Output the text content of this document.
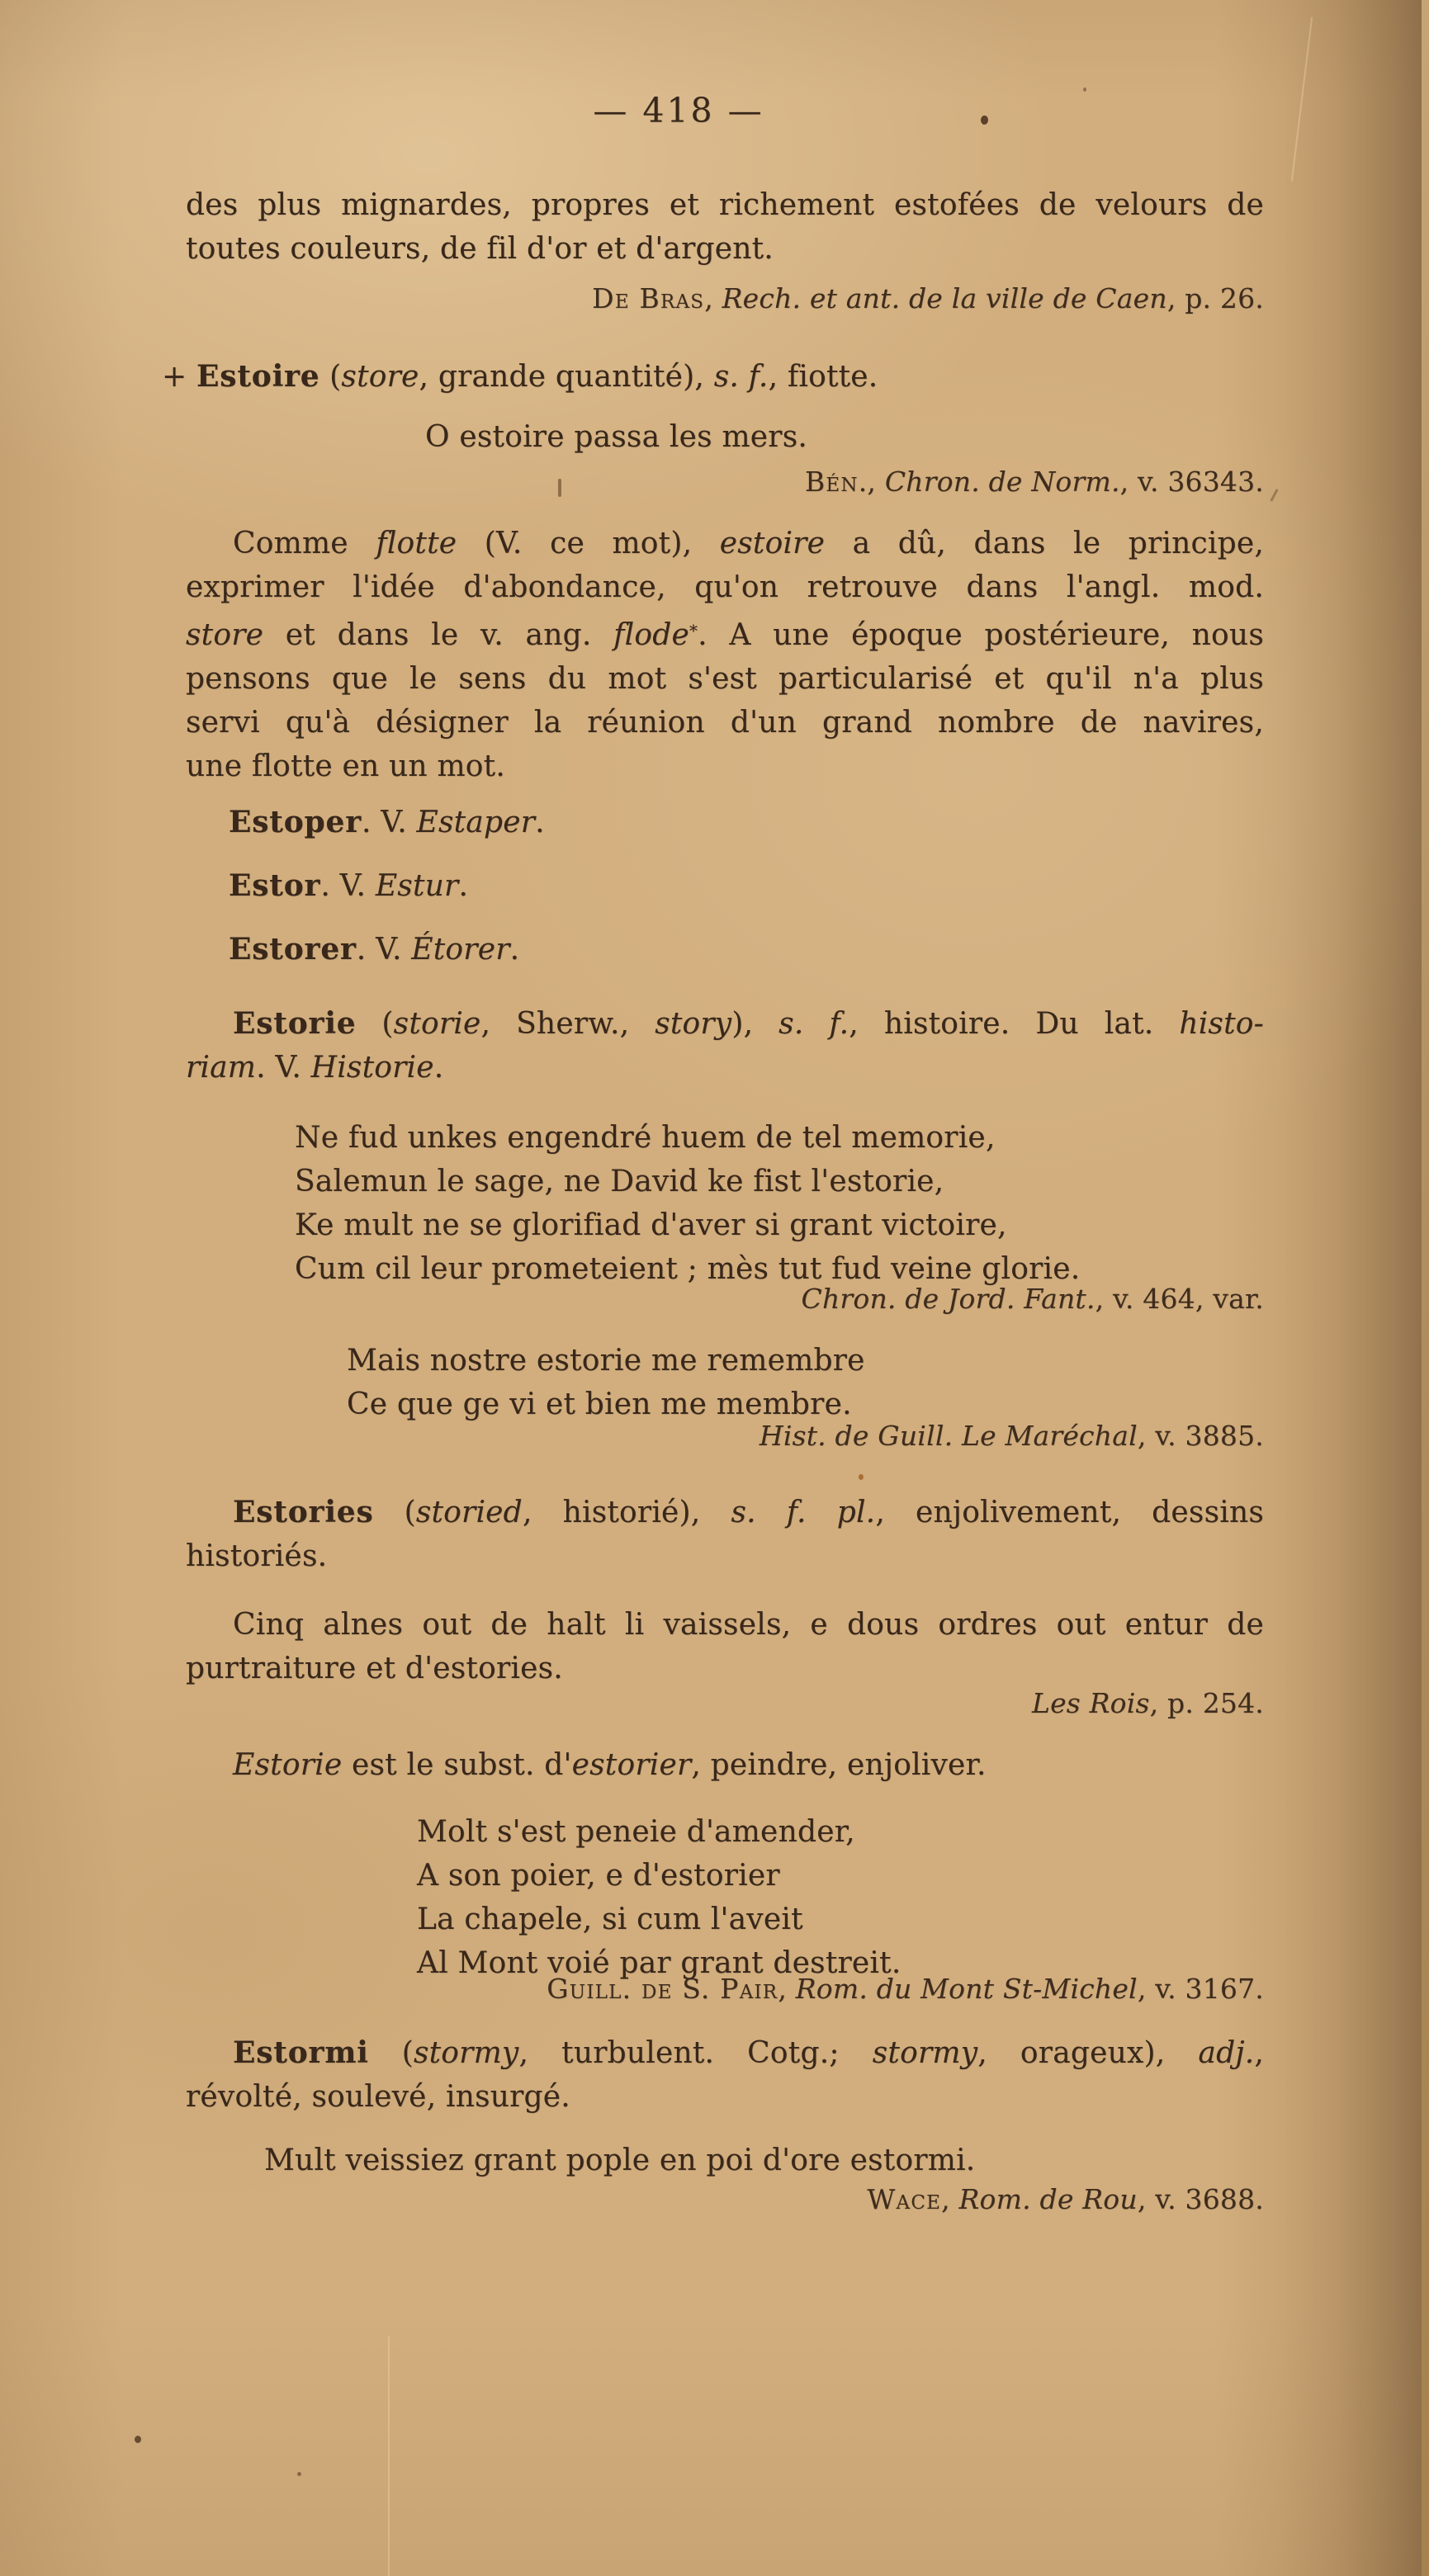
— 418 —
des plus mignardes, propres et richement estofées de velours de
toutes couleurs, de fil d'or et d'argent.
De Bras, Rech. et ant. de la ville de Caen, p. 26.
+ Estoire (store, grande quantité), s. f., fiotte.
O estoire passa les mers.
Bén., Chron. de Norm., v. 36343.
Comme flotte (V. ce mot), estoire a dû, dans le principe,
exprimer l'idée d'abondance, qu'on retrouve dans l'angl. mod.
store et dans le v. ang. flode*. A une époque postérieure, nous
pensons que le sens du mot s'est particularisé et qu'il n'a plus
servi qu'à désigner la réunion d'un grand nombre de navires,
une flotte en un mot.
Estoper. V. Estaper.
Estor. V. Estur.
Estorer. V. Étorer.
Estorie (storie, Sherw., story), s. f., histoire. Du lat. histo-
riam. V. Historie.
Ne fud unkes engendré huem de tel memorie,
Salemun le sage, ne David ke fist l'estorie,
Ke mult ne se glorifiad d'aver si grant victoire,
Cum cil leur prometeient ; mès tut fud veine glorie.
Chron. de Jord. Fant., v. 464, var.
Mais nostre estorie me remembre
Ce que ge vi et bien me membre.
Hist. de Guill. Le Maréchal, v. 3885.
Estories (storied, historié), s. f. pl., enjolivement, dessins
historiés.
Cinq alnes out de halt li vaissels, e dous ordres out entur de
purtraiture et d'estories.
Les Rois, p. 254.
Estorie est le subst. d'estorier, peindre, enjoliver.
Molt s'est peneie d'amender,
A son poier, e d'estorier
La chapele, si cum l'aveit
Al Mont voié par grant destreit.
Guill. de S. Pair, Rom. du Mont St-Michel, v. 3167.
Estormi (stormy, turbulent. Cotg.; stormy, orageux), adj.,
révolté, soulevé, insurgé.
Mult veissiez grant pople en poi d'ore estormi.
Wace, Rom. de Rou, v. 3688.
